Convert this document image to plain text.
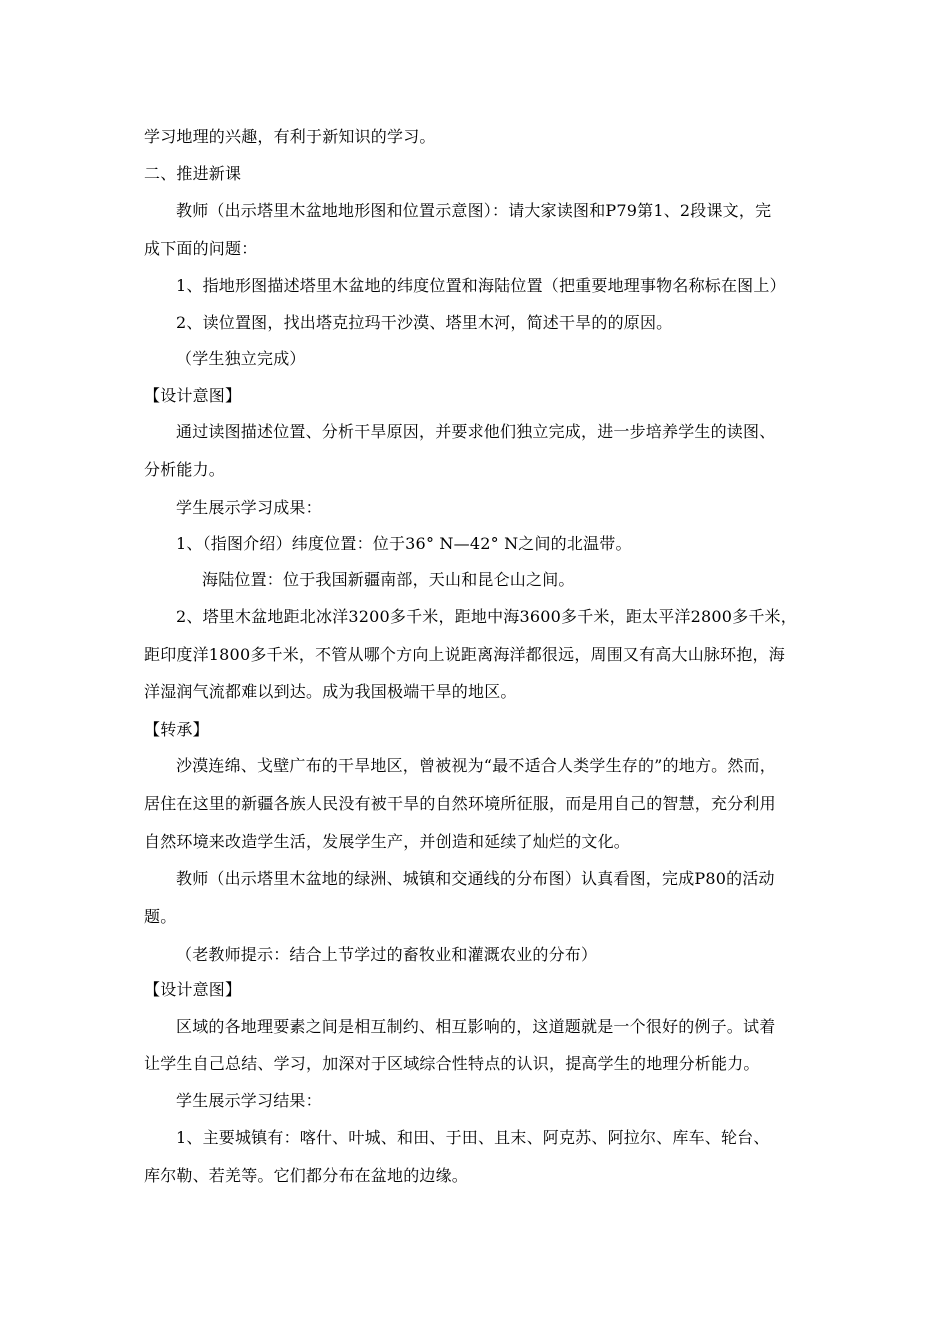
学习地理的兴趣，有利于新知识的学习。
二、推进新课
教师（出示塔里木盆地地形图和位置示意图）：请大家读图和P79第1、2段课文，完
成下面的问题：
1、指地形图描述塔里木盆地的纬度位置和海陆位置（把重要地理事物名称标在图上）
2、读位置图，找出塔克拉玛干沙漠、塔里木河，简述干旱的的原因。
（学生独立完成）
【设计意图】
通过读图描述位置、分析干旱原因，并要求他们独立完成，进一步培养学生的读图、
分析能力。
学生展示学习成果：
1、（指图介绍）纬度位置：位于36° N—42° N之间的北温带。
海陆位置：位于我国新疆南部，天山和昆仑山之间。
2、塔里木盆地距北冰洋3200多千米，距地中海3600多千米，距太平洋2800多千米，
距印度洋1800多千米，不管从哪个方向上说距离海洋都很远，周围又有高大山脉环抱，海
洋湿润气流都难以到达。成为我国极端干旱的地区。
【转承】
沙漠连绵、戈壁广布的干旱地区，曾被视为“最不适合人类学生存的”的地方。然而，
居住在这里的新疆各族人民没有被干旱的自然环境所征服，而是用自己的智慧，充分利用
自然环境来改造学生活，发展学生产，并创造和延续了灿烂的文化。
教师（出示塔里木盆地的绿洲、城镇和交通线的分布图）认真看图，完成P80的活动
题。
（老教师提示：结合上节学过的畜牧业和灌溉农业的分布）
【设计意图】
区域的各地理要素之间是相互制约、相互影响的，这道题就是一个很好的例子。试着
让学生自己总结、学习，加深对于区域综合性特点的认识，提高学生的地理分析能力。
学生展示学习结果：
1、主要城镇有：喀什、叶城、和田、于田、且末、阿克苏、阿拉尔、库车、轮台、
库尔勒、若羌等。它们都分布在盆地的边缘。
